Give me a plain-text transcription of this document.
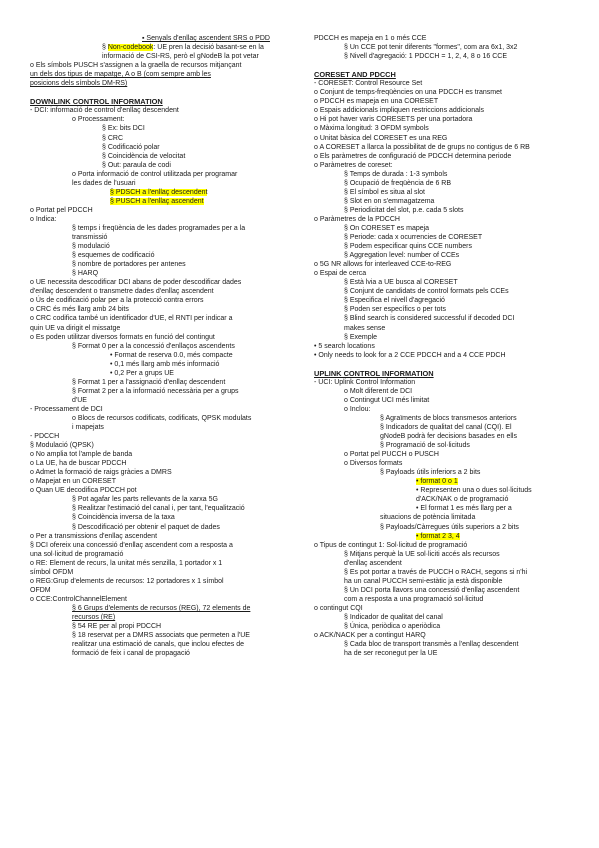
▪ Senyals d'enllaç ascendent SRS o PDD
§ Non-codebook: UE pren la decisió basant-se en la
informació de CSI-RS, però el gNodeB la pot vetar
o Els símbols PUSCH s'assignen a la graella de recursos mitjançant
un dels dos tipus de mapatge, A o B (com sempre amb les
posicions dels símbols DM-RS)
DOWNLINK CONTROL INFORMATION
- DCI: informació de control d'enllaç descendent
o Processament:
§ Ex: bits DCI
§ CRC
§ Codificació polar
§ Coincidència de velocitat
§ Out: paraula de codi
o Porta informació de control utilitzada per programar
les dades de l'usuari
§ PDSCH a l'enllaç descendent
§ PUSCH a l'enllaç ascendent
o Portat pel PDCCH
o Indica:
§ temps i freqüència de les dades programades per a la
transmissió
§ modulació
§ esquemes de codificació
§ nombre de portadores per antenes
§ HARQ
o UE necessita descodificar DCI abans de poder descodificar dades
d'enllaç descendent o transmetre dades d'enllaç ascendent
o Ús de codificació polar per a la protecció contra errors
o CRC és més llarg amb 24 bits
o CRC codifica també un identificador d'UE, el RNTI per indicar a
quin UE va dirigit el missatge
o Es poden utilitzar diversos formats en funció del contingut
§ Format 0 per a la concessió d'enllaços ascendents
• Format de reserva 0.0, més compacte
• 0,1 més llarg amb més informació
• 0,2 Per a grups UE
§ Format 1 per a l'assignació d'enllaç descendent
§ Format 2 per a la informació necessària per a grups
d'UE
- Processament de DCI
o Blocs de recursos codificats, codificats, QPSK modulats
i mapejats
- PDCCH
§ Modulació (QPSK)
o No amplia tot l'ample de banda
o La UE, ha de buscar PDCCH
o Admet la formació de raigs gràcies a DMRS
o Mapejat en un CORESET
o Quan UE decodifica PDCCH pot
§ Pot agafar les parts rellevants de la xarxa 5G
§ Realitzar l'estimació del canal i, per tant, l'equalització
§ Coincidència inversa de la taxa
§ Descodificació per obtenir el paquet de dades
o Per a transmissions d'enllaç ascendent
§ DCI ofereix una concessió d'enllaç ascendent com a resposta a
una sol·licitud de programació
o RE: Element de recurs, la unitat més senzilla, 1 portador x 1
símbol OFDM
o REG:Grup d'elements de recursos: 12 portadores x 1 símbol
OFDM
o CCE:ControlChannelElement
§ 6 Grups d'elements de recursos (REG), 72 elements de
recursos (RE)
§ 54 RE per al propi PDCCH
§ 18 reservat per a DMRS associats que permeten a l'UE
realitzar una estimació de canals, que inclou efectes de
formació de feix i canal de propagació
PDCCH es mapeja en 1 o més CCE
§ Un CCE pot tenir diferents "formes", com ara 6x1, 3x2
§ Nivell d'agregació: 1 PDCCH = 1, 2, 4, 8 o 16 CCE
CORESET AND PDCCH
- CORESET: Control Resource Set
o Conjunt de temps-freqüències on una PDCCH es transmet
o PDCCH es mapeja en una CORESET
o Espais addicionals impliquen restriccions addicionals
o Hi pot haver varis CORESETS per una portadora
o Màxima longitud: 3 OFDM symbols
o Unitat bàsica del CORESET es una REG
o A CORESET a llarca la possibilitat de de grups no contigus de 6 RB
o Els paràmetres de configuració de PDCCH determina periode
o Paràmetres de coreset:
§ Temps de durada : 1-3 symbols
§ Ocupació de freqüència de 6 RB
§ El símbol es situa al slot
§ Slot en on s'emmagatzema
§ Periodicitat del slot, p.e. cada 5 slots
o Paràmetres de la PDCCH
§ On CORESET es mapeja
§ Periode: cada x ocurrencies de CORESET
§ Podem especificar quins CCE numbers
§ Aggregation level: number of CCEs
o 5G NR allows for interleaved CCE-to-REG
o Espai de cerca
§ Està lvia a UE busca al CORESET
§ Conjunt de candidats de control formats pels CCEs
§ Especifica el nivell d'agregació
§ Poden ser específics o per tots
§ Blind search is considered successful if decoded DCI
makes sense
§ Exemple
• 5 search locations
• Only needs to look for a 2 CCE PDCCH and a 4 CCE PDCH
UPLINK CONTROL INFORMATION
- UCI: Uplink Control Information
o Molt diferent de DCI
o Contingut UCI més limitat
o Inclou:
§ Agraïments de blocs transmesos anteriors
§ Indicadors de qualitat del canal (CQI). El
gNodeB podrà fer decisions basades en ells
§ Programació de sol·licituds
o Portat pel PUCCH o PUSCH
o Diversos formats
§ Payloads útils inferiors a 2 bits
• format 0 o 1
• Representen una o dues sol·licituds
d'ACK/NAK o de programació
• El format 1 es més llarg per a
situacions de potència limitada
§ Payloads/Càrregues útils superiors a 2 bits
• format 2 3, 4
o Tipus de contingut 1: Sol·licitud de programació
§ Mitjans perquè la UE sol·liciti accés als recursos
d'enllaç ascendent
§ Es pot portar a través de PUCCH o RACH, segons si n'hi
ha un canal PUCCH semi-estàtic ja està disponible
§ Un DCI porta llavors una concessió d'enllaç ascendent
com a resposta a una programació sol·licitud
o contingut CQI
§ Indicador de qualitat del canal
§ Única, periòdica o aperiòdica
o ACK/NACK per a contingut HARQ
§ Cada bloc de transport transmès a l'enllaç descendent
ha de ser reconegut per la UE
